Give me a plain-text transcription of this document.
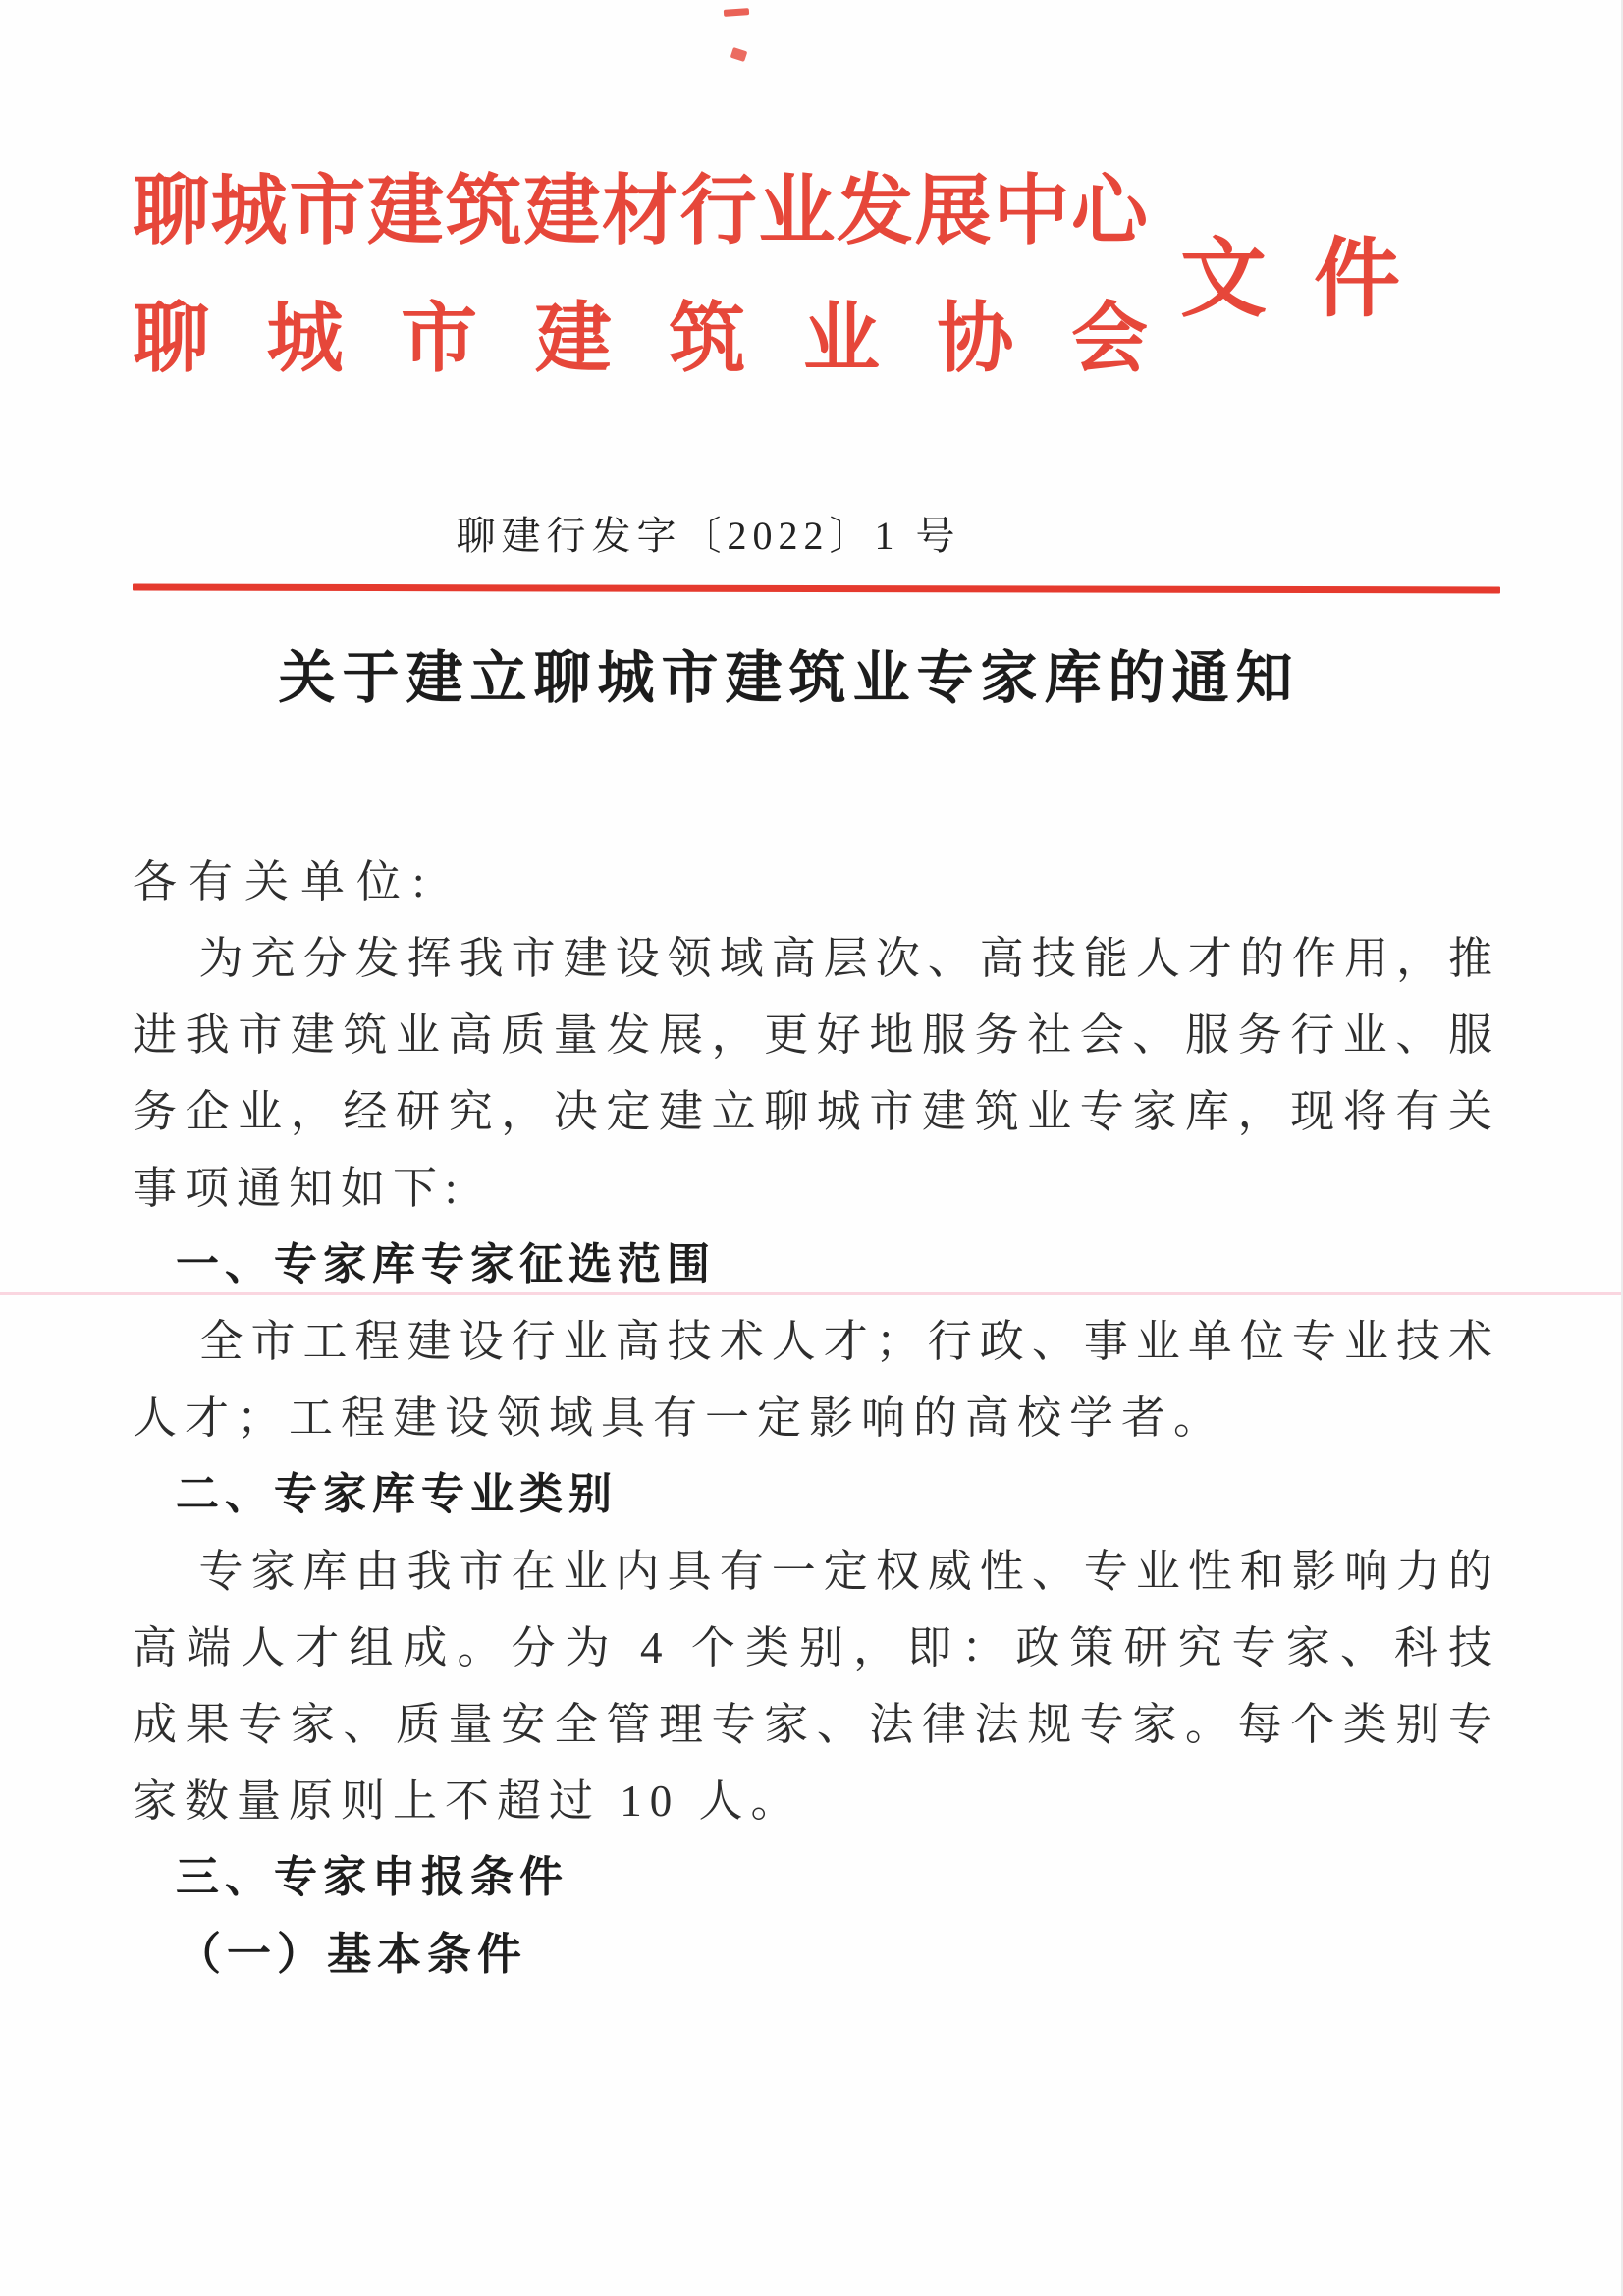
聊城市建筑建材行业发展中心
聊城市建筑业协会
文件
聊建行发字〔2022〕1 号
关于建立聊城市建筑业专家库的通知

各有关单位:

为充分发挥我市建设领域高层次、高技能人才的作用，推进我市建筑业高质量发展，更好地服务社会、服务行业、服务企业，经研究，决定建立聊城市建筑业专家库，现将有关事项通知如下:

一、专家库专家征选范围

全市工程建设行业高技术人才；行政、事业单位专业技术人才；工程建设领域具有一定影响的高校学者。

二、专家库专业类别

专家库由我市在业内具有一定权威性、专业性和影响力的高端人才组成。分为 4 个类别，即：政策研究专家、科技成果专家、质量安全管理专家、法律法规专家。每个类别专家数量原则上不超过 10 人。

三、专家申报条件

（一）基本条件
